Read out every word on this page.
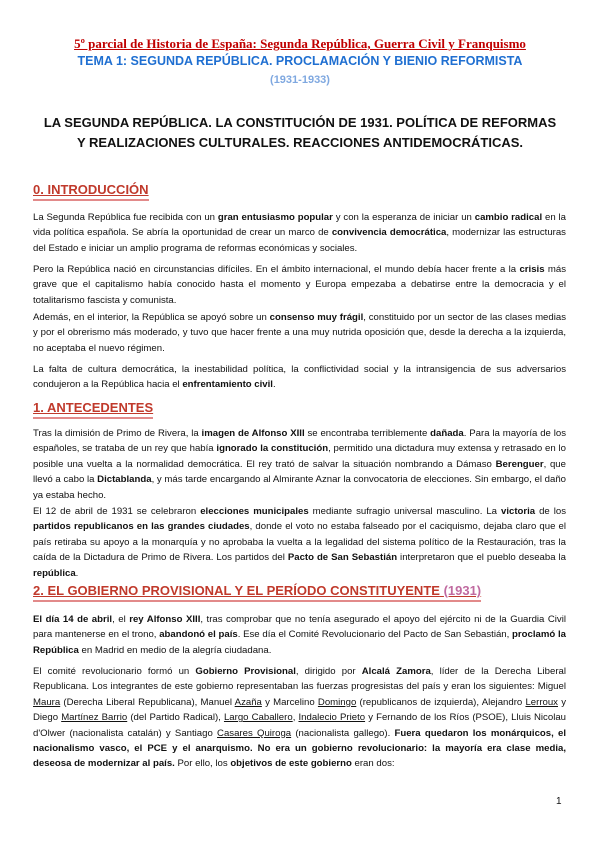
5º parcial de Historia de España: Segunda República, Guerra Civil y Franquismo
TEMA 1: SEGUNDA REPÚBLICA. PROCLAMACIÓN Y BIENIO REFORMISTA
(1931-1933)
LA SEGUNDA REPÚBLICA. LA CONSTITUCIÓN DE 1931. POLÍTICA DE REFORMAS
Y REALIZACIONES CULTURALES. REACCIONES ANTIDEMOCRÁTICAS.
0. INTRODUCCIÓN
La Segunda República fue recibida con un gran entusiasmo popular y con la esperanza de iniciar un cambio radical en la vida política española. Se abría la oportunidad de crear un marco de convivencia democrática, modernizar las estructuras del Estado e iniciar un amplio programa de reformas económicas y sociales.
Pero la República nació en circunstancias difíciles. En el ámbito internacional, el mundo debía hacer frente a la crisis más grave que el capitalismo había conocido hasta el momento y Europa empezaba a debatirse entre la democracia y el totalitarismo fascista y comunista.
Además, en el interior, la República se apoyó sobre un consenso muy frágil, constituido por un sector de las clases medias y por el obrerismo más moderado, y tuvo que hacer frente a una muy nutrida oposición que, desde la derecha a la izquierda, no aceptaba el nuevo régimen.
La falta de cultura democrática, la inestabilidad política, la conflictividad social y la intransigencia de sus adversarios condujeron a la República hacia el enfrentamiento civil.
1. ANTECEDENTES
Tras la dimisión de Primo de Rivera, la imagen de Alfonso XIII se encontraba terriblemente dañada. Para la mayoría de los españoles, se trataba de un rey que había ignorado la constitución, permitido una dictadura muy extensa y retrasado en lo posible una vuelta a la normalidad democrática. El rey trató de salvar la situación nombrando a Dámaso Berenguer, que llevó a cabo la Dictablanda, y más tarde encargando al Almirante Aznar la convocatoria de elecciones. Sin embargo, el daño ya estaba hecho.
El 12 de abril de 1931 se celebraron elecciones municipales mediante sufragio universal masculino. La victoria de los partidos republicanos en las grandes ciudades, donde el voto no estaba falseado por el caciquismo, dejaba claro que el país retiraba su apoyo a la monarquía y no aprobaba la vuelta a la legalidad del sistema político de la Restauración, tras la caída de la Dictadura de Primo de Rivera. Los partidos del Pacto de San Sebastián interpretaron que el pueblo deseaba la república.
2. EL GOBIERNO PROVISIONAL Y EL PERÍODO CONSTITUYENTE (1931)
El día 14 de abril, el rey Alfonso XIII, tras comprobar que no tenía asegurado el apoyo del ejército ni de la Guardia Civil para mantenerse en el trono, abandonó el país. Ese día el Comité Revolucionario del Pacto de San Sebastián, proclamó la República en Madrid en medio de la alegría ciudadana.
El comité revolucionario formó un Gobierno Provisional, dirigido por Alcalá Zamora, líder de la Derecha Liberal Republicana. Los integrantes de este gobierno representaban las fuerzas progresistas del país y eran los siguientes: Miguel Maura (Derecha Liberal Republicana), Manuel Azaña y Marcelino Domingo (republicanos de izquierda), Alejandro Lerroux y Diego Martínez Barrio (del Partido Radical), Largo Caballero, Indalecio Prieto y Fernando de los Ríos (PSOE), Lluis Nicolau d'Olwer (nacionalista catalán) y Santiago Casares Quiroga (nacionalista gallego). Fuera quedaron los monárquicos, el nacionalismo vasco, el PCE y el anarquismo. No era un gobierno revolucionario: la mayoría era clase media, deseosa de modernizar al país. Por ello, los objetivos de este gobierno eran dos:
1
